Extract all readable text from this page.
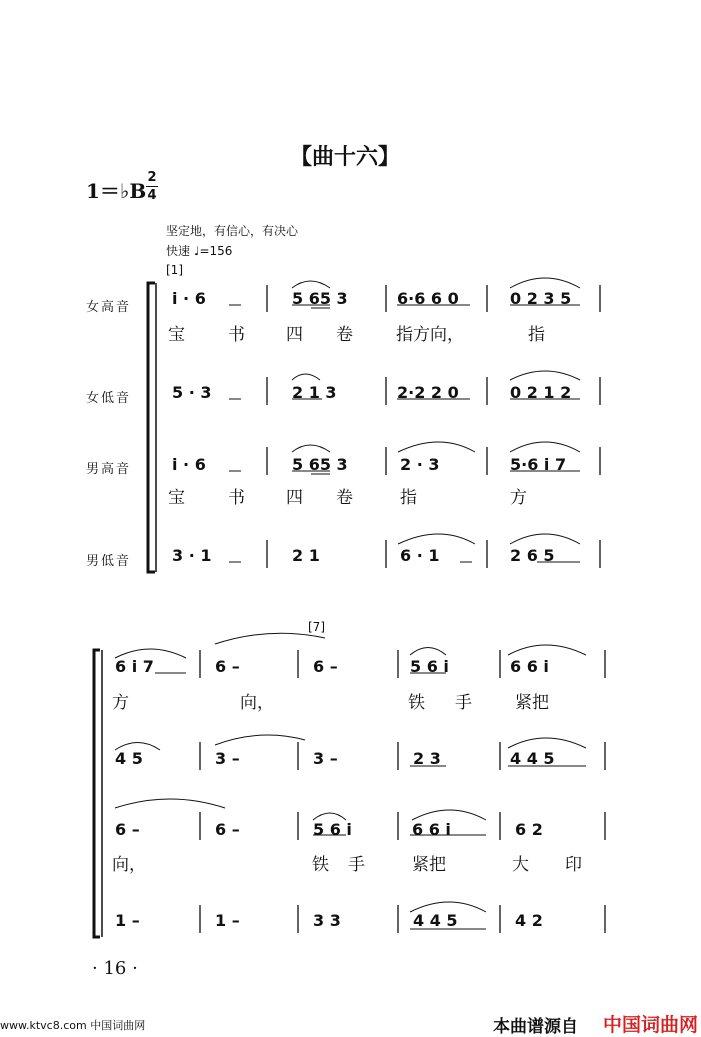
【曲十六】
1＝♭B
2
4
坚定地，有信心，有决心
快速 ♩=156
[1]
[7]
女高音
女低音
男高音
男低音
i · 6	5 65 3	6·6 6 0	0 2 3 5
宝	书 四 卷	指方向，	指
5 · 3	2 1 3	2·2 2 0	0 2 1 2
i · 6	5 65 3	2 · 3	5·6 i 7
宝	书 四 卷	指	方
3 · 1	2 1	6 · 1	2 6 5
6 i 7	6 –	6 –	5 6 i	6 6 i
方	向，	铁 手	紧把
4 5	3 –	3 –	2 3	4 4 5
6 –	6 –	5 6 i	6 6 i	6 2
向，	铁 手	紧把	大 印
1 –	1 –	3 3	4 4 5	4 2
· 16 ·
www.ktvc8.com 中国词曲网	本曲谱源自 中国词曲网
